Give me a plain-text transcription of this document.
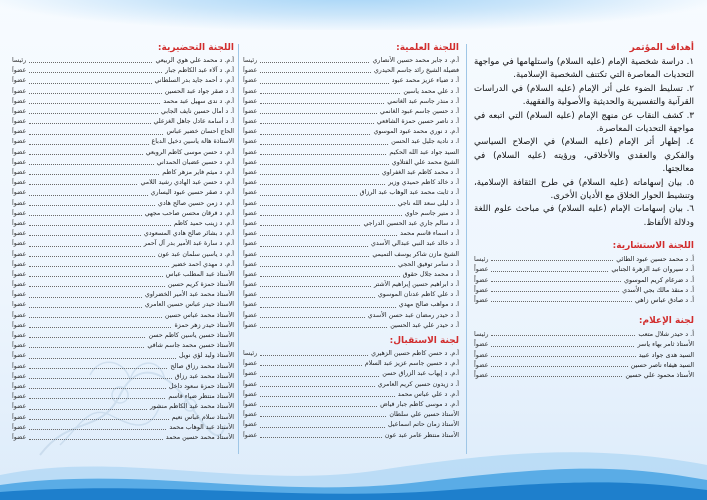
أهداف المؤتمر
١. دراسة شخصية الإمام (عليه السلام) واستلهامها في مواجهة التحديات المعاصرة التي تكتنف الشخصية الإسلامية.
٢. تسليط الضوء على أثر الإمام (عليه السلام) في الدراسات القرآنية والتفسيرية والحديثية والأصولية والفقهية.
٣. كشف النقاب عن منهج الإمام (عليه السلام) التي اتبعه في مواجهة التحديات المعاصرة.
٤. إظهار أثر الإمام (عليه السلام) في الإصلاح السياسي والفكري والعقدي والأخلاقي، ورؤيته (عليه السلام) في معالجتها.
٥. بيان إسهاماته (عليه السلام) في طرح الثقافة الإسلامية، وتنشيط الحوار الخلاق مع الأديان الأخرى.
٦. بيان إسهامات الإمام (عليه السلام) في مباحث علوم اللغة ودلالة الألفاظ.
اللجنة الاستشارية:
أ. د محمد حسين عبود الطائي
رئيسا
أ. د سيروان عبد الزهرة الجنابي
عضواً
أ. د ضرغام كريم الموسوي
عضواً
أ. د منقذ مالك بجي الأسدي
عضواً
أ. د صادق عباس زاهي
عضواً
لجنة الإعلام:
أ. د حيدر شلال متعب
رئيسا
الأستاذ ثامر بهاء ياسر
عضواً
السيد هدى جواد عبيد
عضواً
السيد هيفاء ناصر حسين
عضواً
الأستاذ محمود علي حسين
عضواً
اللجنة العلمية:
أ.م. د جابر محمد حسين الأنصاري
رئيسا
فضيلة الشيخ رائد جاسم الحيدري
عضواً
أ. د ضياء عزيز محمد عبود
عضواً
أ. د علي محمد ياسين
عضواً
أ. د منذر جاسم عبد الغانمي
عضواً
أ. د حسين جاسم عبود الغانمي
عضواً
أ. د ناصر حسين حمزة الشافعي
عضواً
أ.م. د نوري محمد عبود الموسوي
عضواً
أ. د نادية جليل عبد الحسن
عضواً
السيد جواد عبد الله الحكيم
عضواً
الشيخ محمد علي الفتلاوي
عضواً
أ. د محمد كاظم عبد الغفراوي
عضواً
أ. د خالد كاظم حميدي وزير
عضواً
أ. د ثابت محمد عبد الوهاب عبد الرزاق
عضواً
أ. د ليلى سعد الله ناجي
عضواً
أ. د منير جاسم حاوي
عضواً
أ. د سالم جاري عبد الحسين الدراجي
عضواً
أ. د اسماء قاسم محمد
عضواً
أ. د خالد عبد النبي عبدالي الأسدي
عضواً
الشيخ مازن شاكر يوسف التميمي
عضواً
أ. د سامر توفيق الحجي
عضواً
أ. د محمد جلال حقوق
عضواً
أ. د ابراهيم حسين إبراهيم الأشتر
عضواً
أ. د علي كاظم عدنان الموسوي
عضواً
أ. د مواهب صالح مهدي
عضواً
أ. د حيدر رمضان عبد حسن الأسدي
عضواً
أ. د حيدر علي عبد الحسين
عضواً
لجنة الاستقبال:
أ.م. د حسن كاظم حسين الزهيري
رئيسا
أ.م. د حسين جاسم عزيز عبد السلام
عضواً
أ.م. د إيهاب عبد الزراق حسن
عضواً
أ. د زيدون حسين كريم العامري
عضواً
أ.م. د علي عباس محمد
عضواً
أ.م. د موسى كاظم جبار فياض
عضواً
الأستاذ حسين علي سلطان
عضواً
الأستاذ زمان حاتم اسماعيل
عضواً
الأستاذ منتظر عامر عبد عون
عضواً
اللجنة التحضيرية:
أ.م. د محمد علي هوي الربيعي
رئيسا
أ.م. د آلاء عبد الكاظم جبار
عضواً
أ.م. د أحمد جايد بدر السلطاني
عضواً
أ. د صقر جواد عبد الحسين
عضواً
أ.م. د ندى سهيل عبد محمد
عضواً
أ. د أمال حسين نايف الجابي
عضواً
أ. د أسامة عادل جاهل الغزعلي
عضواً
الحاج احسان خضير عباس
عضواً
الأستاذة هالة ياسين دخيل الدباغ
عضواً
أ.م. د حسن موسى كاظم الروبعي
عضواً
أ.م. د حسين غضبان الحمداني
عضواً
أ.م. د ميثم فاير مزهر كاظم
عضواً
أ.م. د حسن عبد الهادي رشيد اللامي
عضواً
أ.م. د صقر حسين عبود اليساري
عضواً
أ.م. د زمن حسين صالح هادي
عضواً
أ.م. د فرقان محسن صاحب مجهي
عضواً
أ.م. د زينب حميد كاظم
عضواً
أ.م. د بشائر صالح هادي المسعودي
عضواً
أ.م. د سارة عبد الأمير بدر آل آحمر
عضواً
أ.م. د ياسين سلمان عبد عون
عضواً
أ.م. د مهدي احمد خضير
عضواً
الأستاذ عبد المطلب عباس
عضواً
الأستاذ حمزة كريم حسين
عضواً
الأستاذ محمد عبد الأمير الخضراوي
عضواً
الأستاذ حيدر عباس حسين العامري
عضواً
الأستاذ محمد عباس حسين
عضواً
الأستاذ حيدر زهر حمزة
عضواً
الأستاذ حسين ياسين كاظم حسن
عضواً
الأستاذ حسين محمد جاسم شافي
عضواً
الأستاذ وليد لؤي نويل
عضواً
الأستاذ محمد رزاق صالح
عضواً
الأستاذ محمد عبد رزاق
عضواً
الأستاذ حمزة سعود داخل
عضواً
الأستاذ منتظر ضياء قاسم
عضواً
الأستاذ محمد عبد الكاظم منشور
عضواً
الأستاذ سلام عباس نعيم
عضواً
الأستاذ عبد الوهاب محمد
عضواً
الأستاذ محمد حسين محمد
عضواً
